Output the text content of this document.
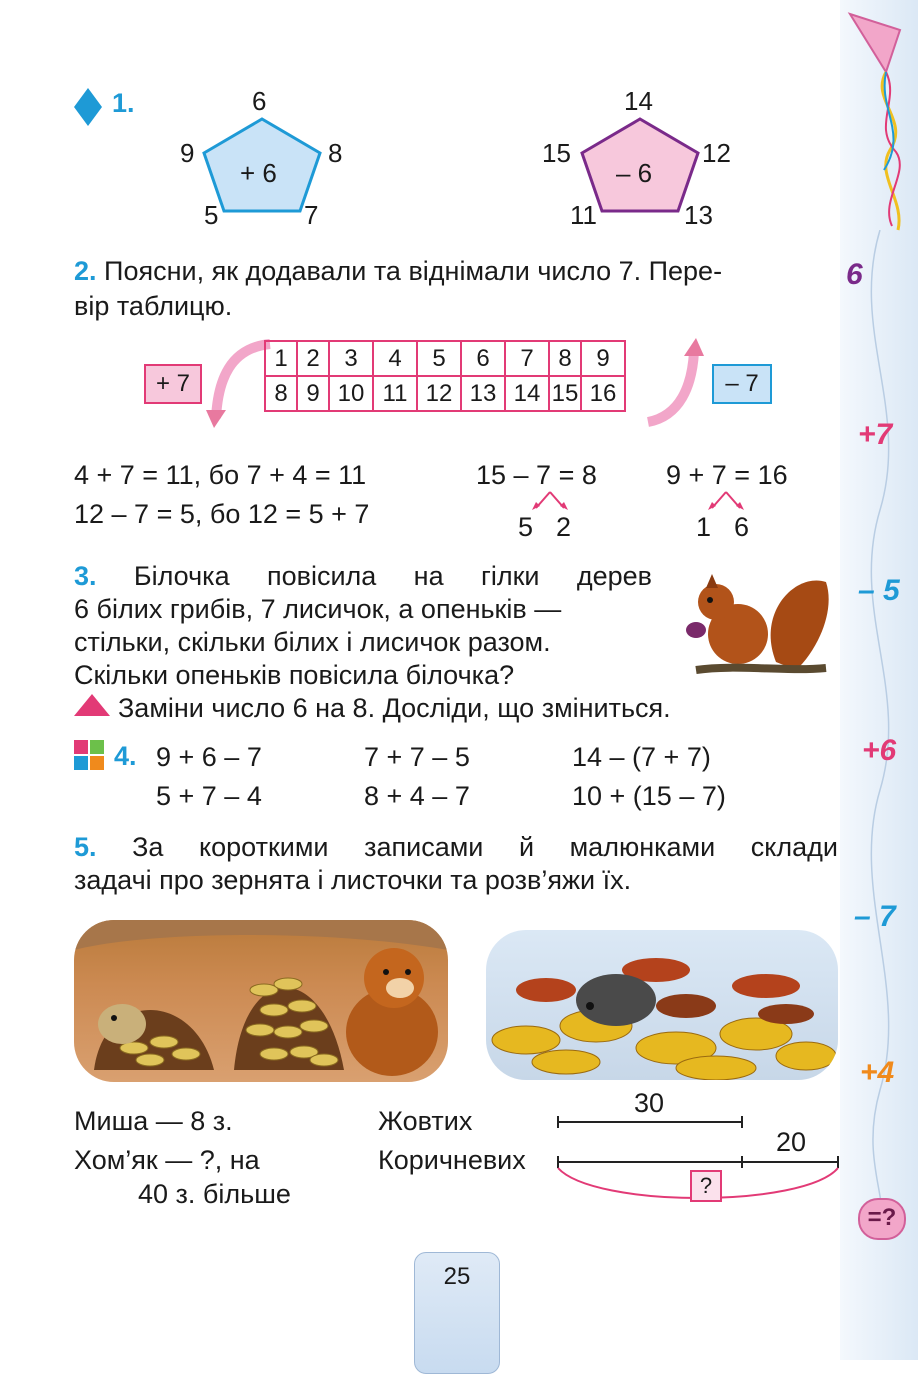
6
+7
– 5
+6
– 7
+4
=?
1.	6
8
7
5
9
+ 6
14
12
13
11
15
– 6
2. Поясни, як додавали та віднімали число 7. Пере-
вір таблицю.
+ 7	– 7
1	2	3	4	5	6	7	8	9
8	9	10	11	12	13	14	15	16
4 + 7 = 11, бо 7 + 4 = 11
12 – 7 = 5, бо 12 = 5 + 7
15 – 7 = 8	9 + 7 = 16
5 2	1 6
3. Білочка повісила на гілки дерев
6 білих грибів, 7 лисичок, а опеньків —
стільки, скільки білих і лисичок разом.
Скільки опеньків повісила білочка?
Заміни число 6 на 8. Досліди, що зміниться.
4. 9 + 6 – 7	7 + 7 – 5	14 – (7 + 7)
5 + 7 – 4	8 + 4 – 7	10 + (15 – 7)
5. За короткими записами й малюнками склади
задачі про зернята і листочки та розв’яжи їх.
Миша — 8 з.
Хом’як — ?, на
40 з. більше
Жовтих
Коричневих
30
20
?
25
